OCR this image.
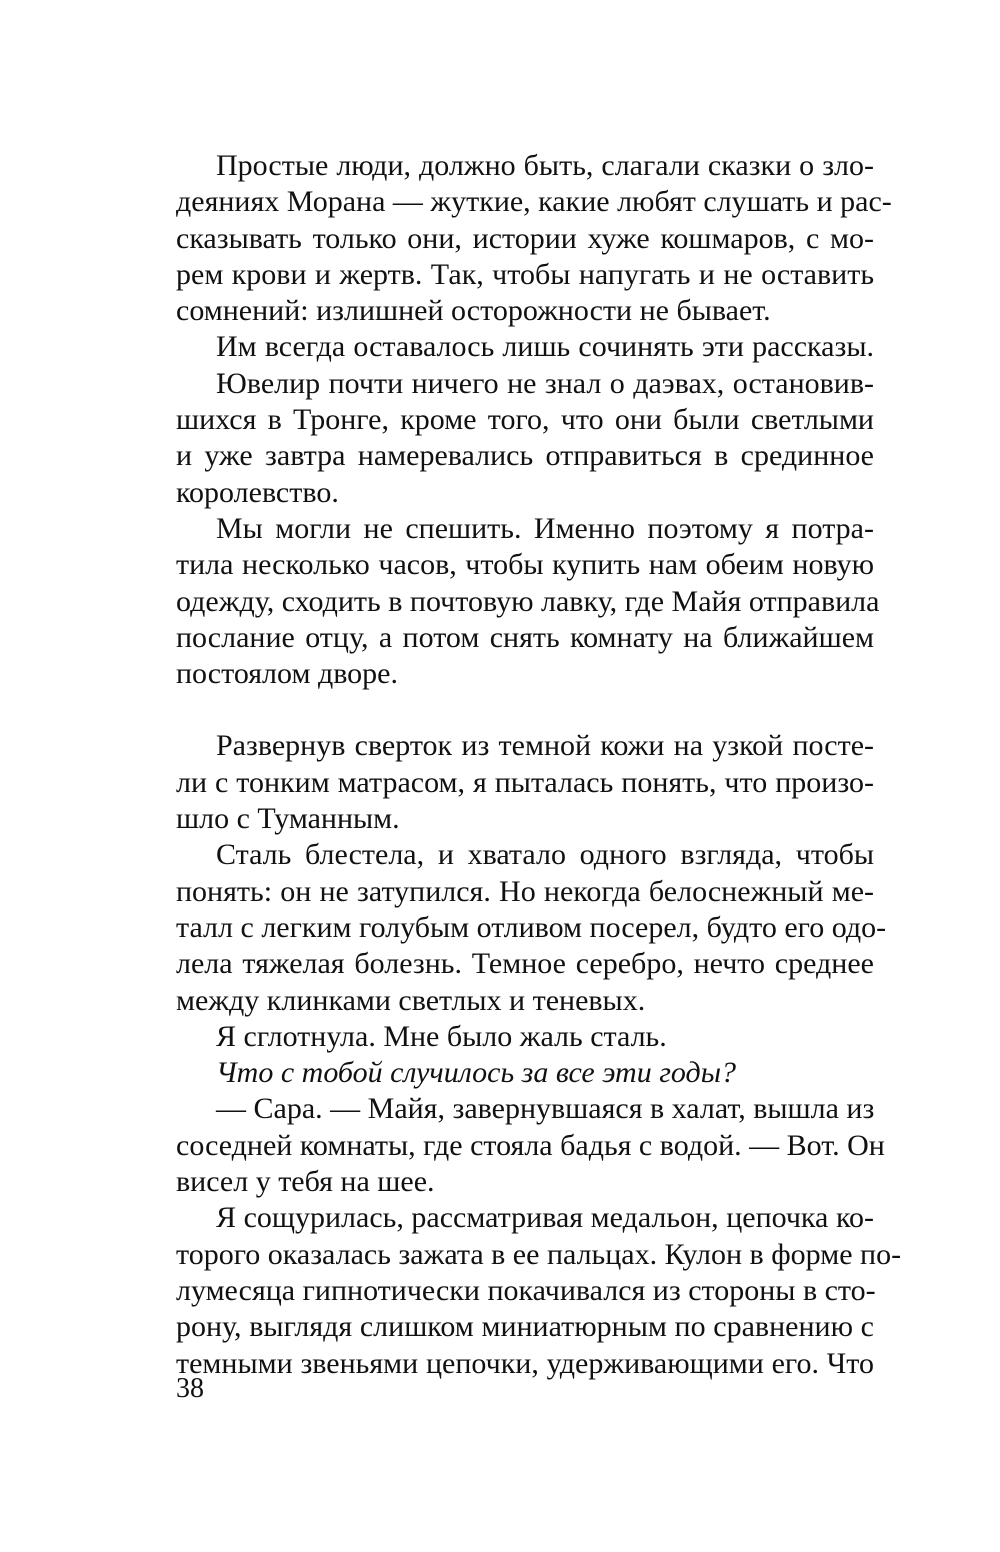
Простые люди, должно быть, слагали сказки о зло-
деяниях Морана — жуткие, какие любят слушать и рас-
сказывать только они, истории хуже кошмаров, с мо-
рем крови и жертв. Так, чтобы напугать и не оставить
сомнений: излишней осторожности не бывает.
Им всегда оставалось лишь сочинять эти рассказы.
Ювелир почти ничего не знал о даэвах, остановив-
шихся в Тронге, кроме того, что они были светлыми
и уже завтра намеревались отправиться в срединное
королевство.
Мы могли не спешить. Именно поэтому я потра-
тила несколько часов, чтобы купить нам обеим новую
одежду, сходить в почтовую лавку, где Майя отправила
послание отцу, а потом снять комнату на ближайшем
постоялом дворе.
Развернув сверток из темной кожи на узкой посте-
ли с тонким матрасом, я пыталась понять, что произо-
шло с Туманным.
Сталь блестела, и хватало одного взгляда, чтобы
понять: он не затупился. Но некогда белоснежный ме-
талл с легким голубым отливом посерел, будто его одо-
лела тяжелая болезнь. Темное серебро, нечто среднее
между клинками светлых и теневых.
Я сглотнула. Мне было жаль сталь.
Что с тобой случилось за все эти годы?
— Сара. — Майя, завернувшаяся в халат, вышла из
соседней комнаты, где стояла бадья с водой. — Вот. Он
висел у тебя на шее.
Я сощурилась, рассматривая медальон, цепочка ко-
торого оказалась зажата в ее пальцах. Кулон в форме по-
лумесяца гипнотически покачивался из стороны в сто-
рону, выглядя слишком миниатюрным по сравнению с
темными звеньями цепочки, удерживающими его. Что
38
